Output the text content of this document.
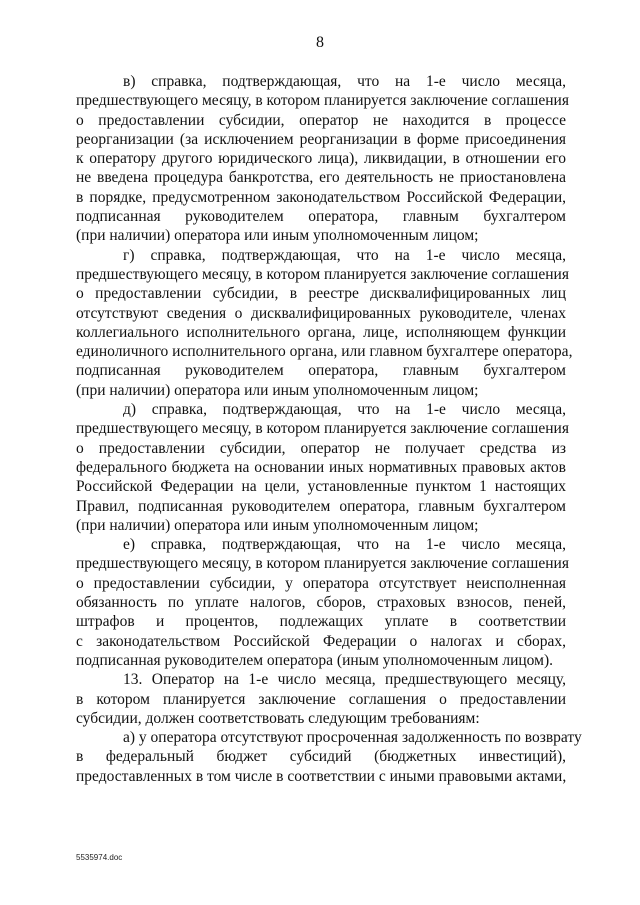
8
в) справка, подтверждающая, что на 1-е число месяца,
предшествующего месяцу, в котором планируется заключение соглашения
о предоставлении субсидии, оператор не находится в процессе
реорганизации (за исключением реорганизации в форме присоединения
к оператору другого юридического лица), ликвидации, в отношении его
не введена процедура банкротства, его деятельность не приостановлена
в порядке, предусмотренном законодательством Российской Федерации,
подписанная руководителем оператора, главным бухгалтером
(при наличии) оператора или иным уполномоченным лицом;
г) справка, подтверждающая, что на 1-е число месяца,
предшествующего месяцу, в котором планируется заключение соглашения
о предоставлении субсидии, в реестре дисквалифицированных лиц
отсутствуют сведения о дисквалифицированных руководителе, членах
коллегиального исполнительного органа, лице, исполняющем функции
единоличного исполнительного органа, или главном бухгалтере оператора,
подписанная руководителем оператора, главным бухгалтером
(при наличии) оператора или иным уполномоченным лицом;
д) справка, подтверждающая, что на 1-е число месяца,
предшествующего месяцу, в котором планируется заключение соглашения
о предоставлении субсидии, оператор не получает средства из
федерального бюджета на основании иных нормативных правовых актов
Российской Федерации на цели, установленные пунктом 1 настоящих
Правил, подписанная руководителем оператора, главным бухгалтером
(при наличии) оператора или иным уполномоченным лицом;
е) справка, подтверждающая, что на 1-е число месяца,
предшествующего месяцу, в котором планируется заключение соглашения
о предоставлении субсидии, у оператора отсутствует неисполненная
обязанность по уплате налогов, сборов, страховых взносов, пеней,
штрафов и процентов, подлежащих уплате в соответствии
с законодательством Российской Федерации о налогах и сборах,
подписанная руководителем оператора (иным уполномоченным лицом).
13. Оператор на 1-е число месяца, предшествующего месяцу,
в котором планируется заключение соглашения о предоставлении
субсидии, должен соответствовать следующим требованиям:
а) у оператора отсутствуют просроченная задолженность по возврату
в федеральный бюджет субсидий (бюджетных инвестиций),
предоставленных в том числе в соответствии с иными правовыми актами,
5535974.doc
